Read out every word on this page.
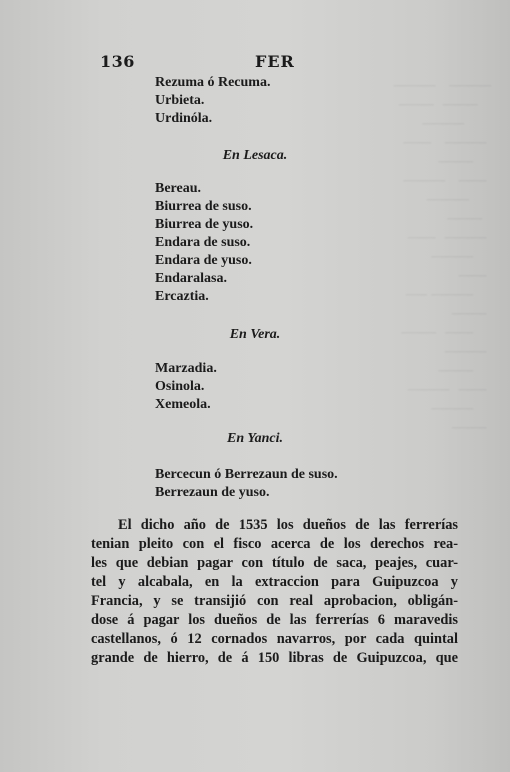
______   ______
_____  _____
______
______   ____
_____
____   ______
______
_____
______  ____
______
____
______ ___
_____
____  _____
______
_____
____  ______
______
_____
136	FER
Rezuma ó Recuma.
Urbieta.
Urdinóla.
En Lesaca.
Bereau.
Biurrea de suso.
Biurrea de yuso.
Endara de suso.
Endara de yuso.
Endaralasa.
Ercaztia.
En Vera.
Marzadia.
Osinola.
Xemeola.
En Yanci.
Bercecun ó Berrezaun de suso.
Berrezaun de yuso.
El dicho año de 1535 los dueños de las ferrerías
tenian pleito con el fisco acerca de los derechos rea-
les que debian pagar con título de saca, peajes, cuar-
tel y alcabala, en la extraccion para Guipuzcoa y
Francia, y se transijió con real aprobacion, obligán-
dose á pagar los dueños de las ferrerías 6 maravedis
castellanos, ó 12 cornados navarros, por cada quintal
grande de hierro, de á 150 libras de Guipuzcoa, que
